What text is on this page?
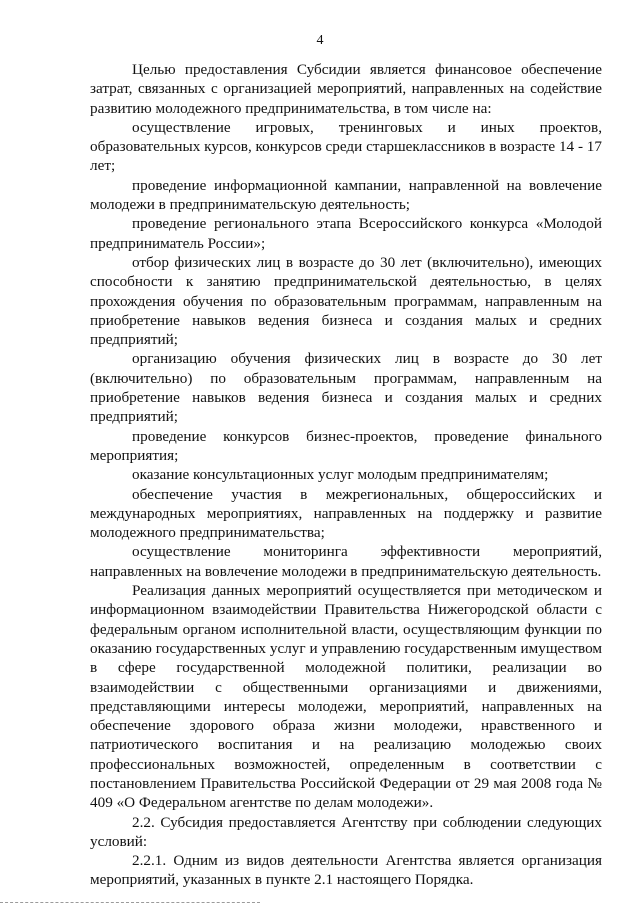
4

Целью предоставления Субсидии является финансовое обеспечение затрат, связанных с организацией мероприятий, направленных на содействие развитию молодежного предпринимательства, в том числе на:

осуществление игровых, тренинговых и иных проектов, образовательных курсов, конкурсов среди старшеклассников в возрасте 14 - 17 лет;

проведение информационной кампании, направленной на вовлечение молодежи в предпринимательскую деятельность;

проведение регионального этапа Всероссийского конкурса «Молодой предприниматель России»;

отбор физических лиц в возрасте до 30 лет (включительно), имеющих способности к занятию предпринимательской деятельностью, в целях прохождения обучения по образовательным программам, направленным на приобретение навыков ведения бизнеса и создания малых и средних предприятий;

организацию обучения физических лиц в возрасте до 30 лет (включительно) по образовательным программам, направленным на приобретение навыков ведения бизнеса и создания малых и средних предприятий;

проведение конкурсов бизнес-проектов, проведение финального мероприятия;

оказание консультационных услуг молодым предпринимателям;

обеспечение участия в межрегиональных, общероссийских и международных мероприятиях, направленных на поддержку и развитие молодежного предпринимательства;

осуществление мониторинга эффективности мероприятий, направленных на вовлечение молодежи в предпринимательскую деятельность.

Реализация данных мероприятий осуществляется при методическом и информационном взаимодействии Правительства Нижегородской области с федеральным органом исполнительной власти, осуществляющим функции по оказанию государственных услуг и управлению государственным имуществом в сфере государственной молодежной политики, реализации во взаимодействии с общественными организациями и движениями, представляющими интересы молодежи, мероприятий, направленных на обеспечение здорового образа жизни молодежи, нравственного и патриотического воспитания и на реализацию молодежью своих профессиональных возможностей, определенным в соответствии с постановлением Правительства Российской Федерации от 29 мая 2008 года № 409 «О Федеральном агентстве по делам молодежи».

2.2. Субсидия предоставляется Агентству при соблюдении следующих условий:

2.2.1. Одним из видов деятельности Агентства является организация мероприятий, указанных в пункте 2.1 настоящего Порядка.
